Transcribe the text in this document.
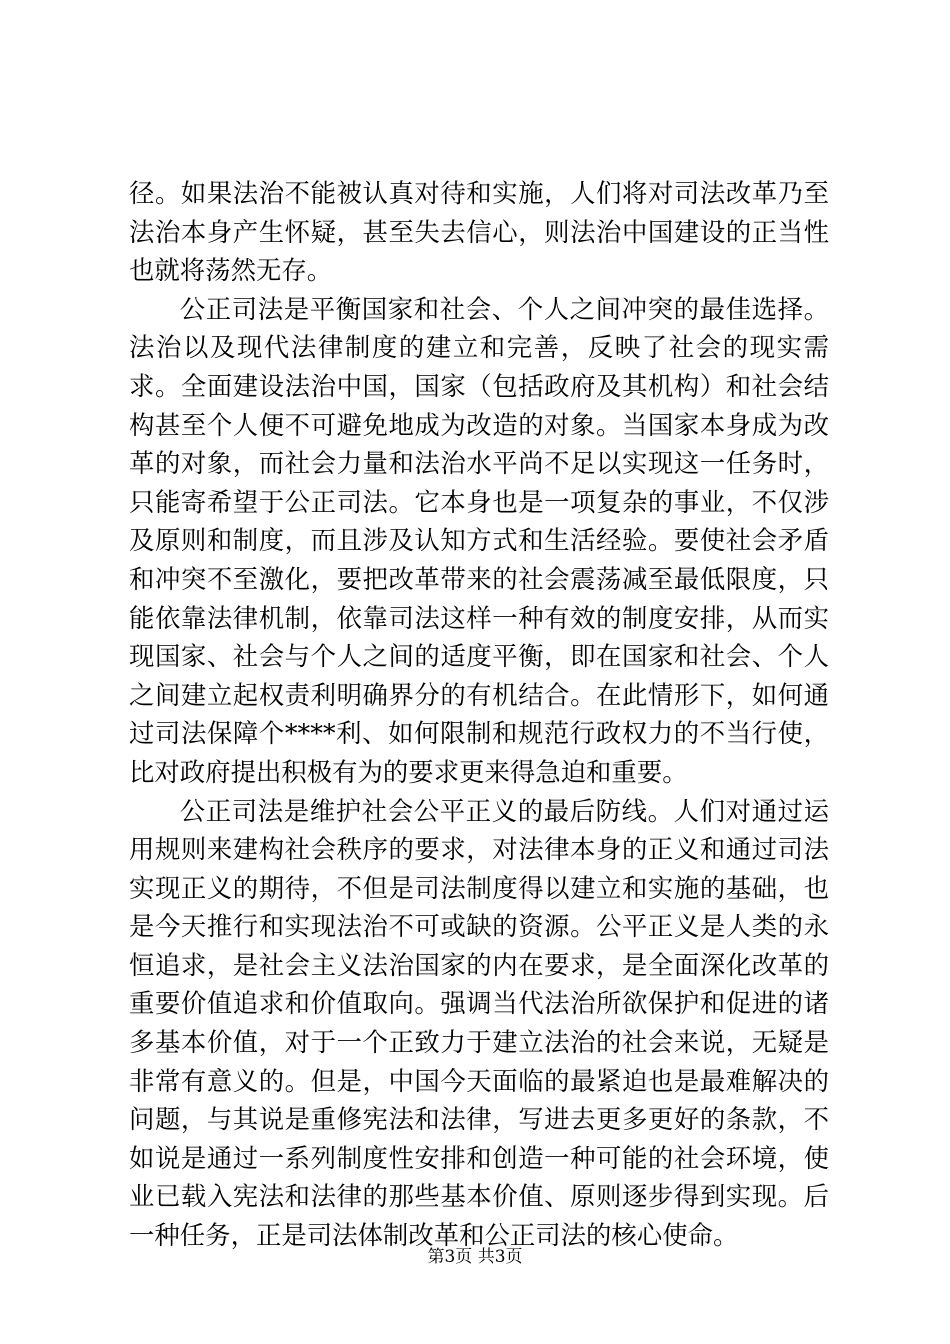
径。如果法治不能被认真对待和实施，人们将对司法改革乃至法治本身产生怀疑，甚至失去信心，则法治中国建设的正当性也就将荡然无存。

公正司法是平衡国家和社会、个人之间冲突的最佳选择。法治以及现代法律制度的建立和完善，反映了社会的现实需求。全面建设法治中国，国家（包括政府及其机构）和社会结构甚至个人便不可避免地成为改造的对象。当国家本身成为改革的对象，而社会力量和法治水平尚不足以实现这一任务时，只能寄希望于公正司法。它本身也是一项复杂的事业，不仅涉及原则和制度，而且涉及认知方式和生活经验。要使社会矛盾和冲突不至激化，要把改革带来的社会震荡减至最低限度，只能依靠法律机制，依靠司法这样一种有效的制度安排，从而实现国家、社会与个人之间的适度平衡，即在国家和社会、个人之间建立起权责利明确界分的有机结合。在此情形下，如何通过司法保障个****利、如何限制和规范行政权力的不当行使，比对政府提出积极有为的要求更来得急迫和重要。

公正司法是维护社会公平正义的最后防线。人们对通过运用规则来建构社会秩序的要求，对法律本身的正义和通过司法实现正义的期待，不但是司法制度得以建立和实施的基础，也是今天推行和实现法治不可或缺的资源。公平正义是人类的永恒追求，是社会主义法治国家的内在要求，是全面深化改革的重要价值追求和价值取向。强调当代法治所欲保护和促进的诸多基本价值，对于一个正致力于建立法治的社会来说，无疑是非常有意义的。但是，中国今天面临的最紧迫也是最难解决的问题，与其说是重修宪法和法律，写进去更多更好的条款，不如说是通过一系列制度性安排和创造一种可能的社会环境，使业已载入宪法和法律的那些基本价值、原则逐步得到实现。后一种任务，正是司法体制改革和公正司法的核心使命。

第3页 共3页
